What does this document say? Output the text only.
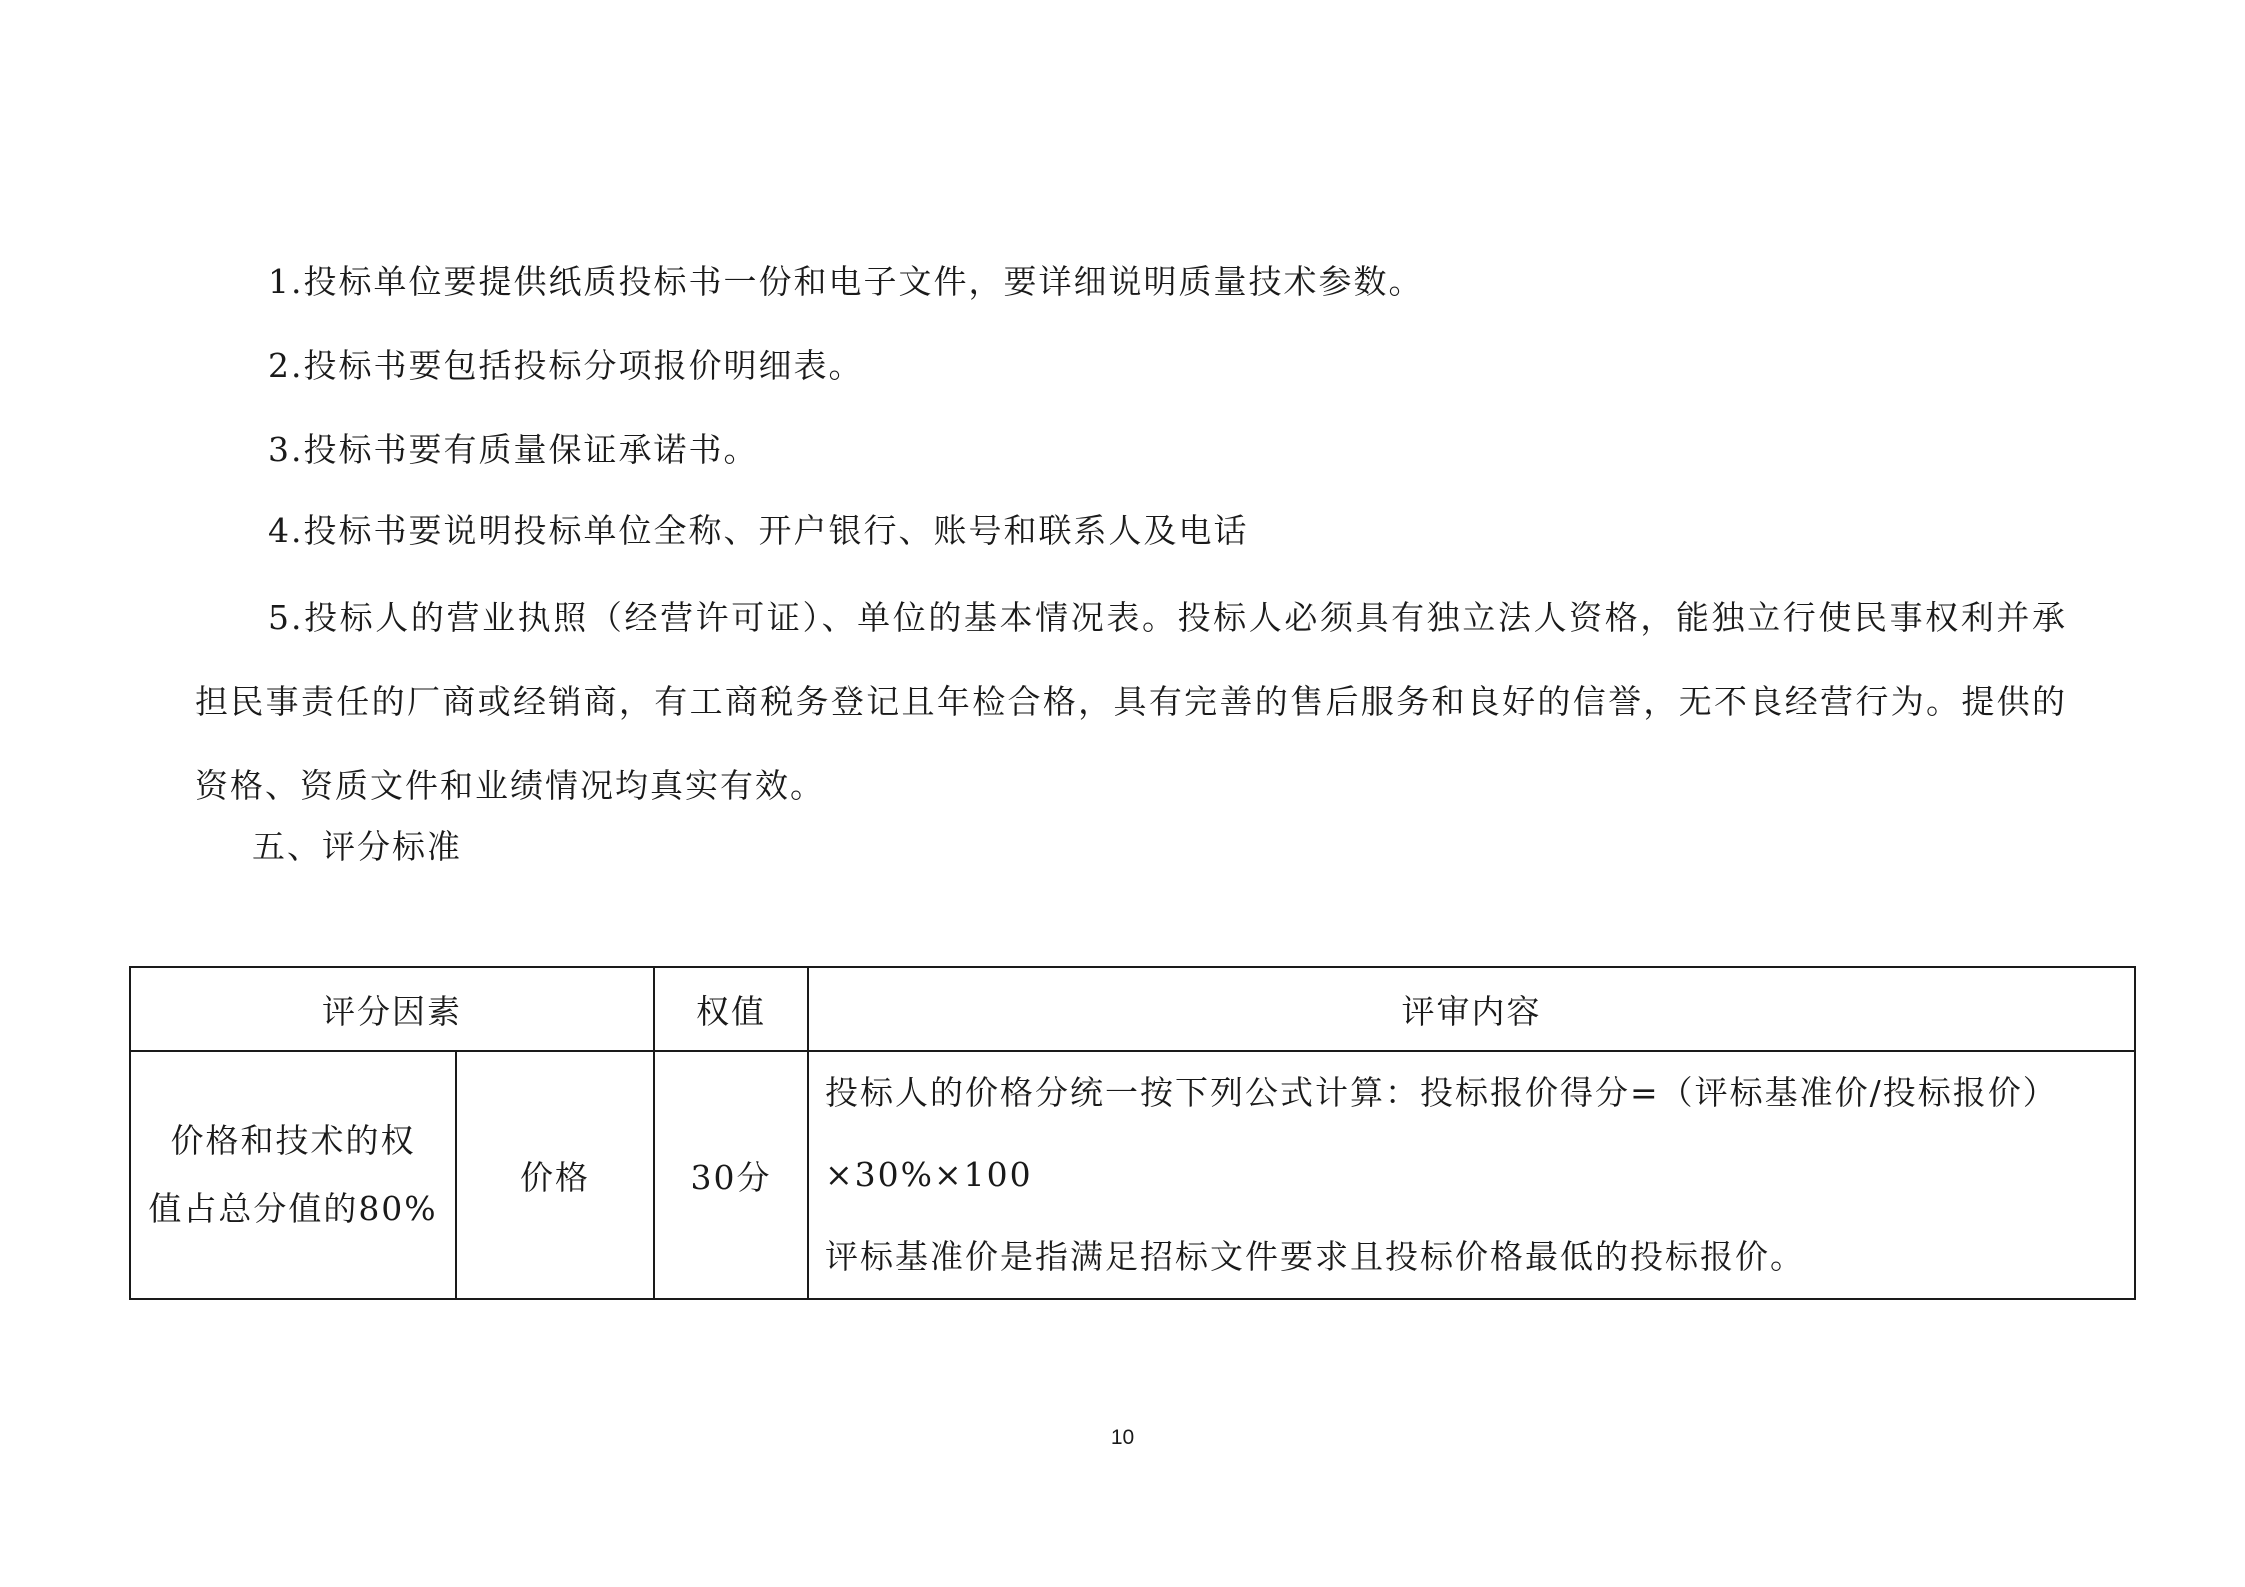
1.投标单位要提供纸质投标书一份和电子文件，要详细说明质量技术参数。
2.投标书要包括投标分项报价明细表。
3.投标书要有质量保证承诺书。
4.投标书要说明投标单位全称、开户银行、账号和联系人及电话
5.投标人的营业执照（经营许可证）、单位的基本情况表。投标人必须具有独立法人资格，能独立行使民事权利并承担民事责任的厂商或经销商，有工商税务登记且年检合格，具有完善的售后服务和良好的信誉，无不良经营行为。提供的资格、资质文件和业绩情况均真实有效。
五、评分标准
评分因素		权值	评审内容

价格和技术的权
值占总分值的80%	价格	30分	投标人的价格分统一按下列公式计算：投标报价得分=（评标基准价/投标报价）
×30%×100
评标基准价是指满足招标文件要求且投标价格最低的投标报价。
10
